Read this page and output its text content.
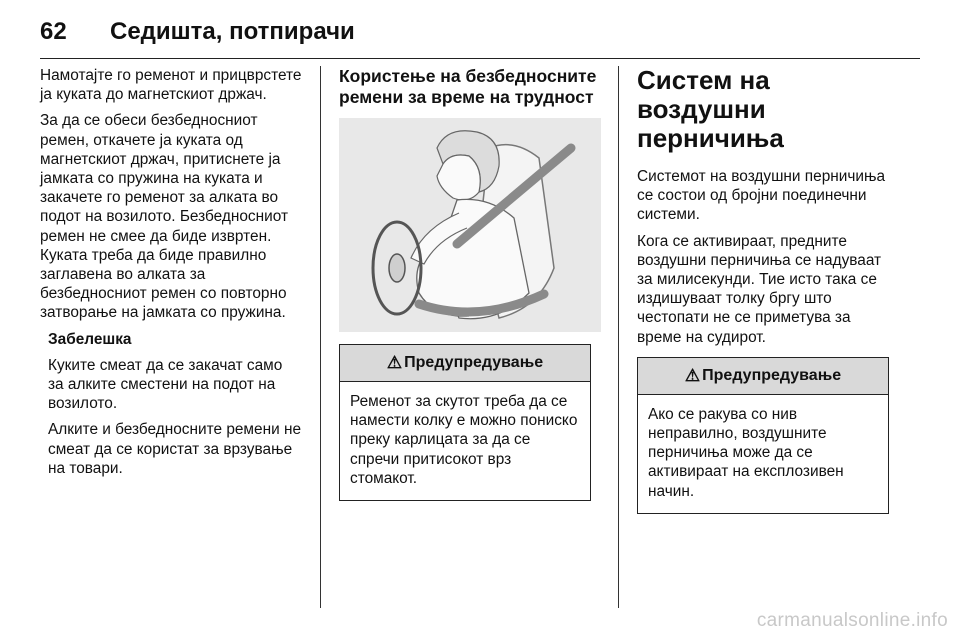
62	Седишта, потпирачи

Намотајте го ременот и прицврстете ја куката до магнетскиот држач.

За да се обеси безбедносниот ремен, откачете ја куката од магнетскиот држач, притиснете ја јамката со пружина на куката и закачете го ременот за алката во подот на возилото. Безбедносниот ремен не смее да биде извртен. Куката треба да биде правилно заглавена во алката за безбедносниот ремен со повторно затворање на јамката со пружина.

Забелешка

Куките смеат да се закачат само за алките сместени на подот на возилото.

Алките и безбедносните ремени не смеат да се користат за врзување на товари.

Користење на безбедносните ремени за време на трудност
⚠ Предупредување
Ременот за скутот треба да се намести колку е можно пониско преку карлицата за да се спречи притисокот врз стомакот.
Систем на воздушни перничиња

Системот на воздушни перничиња се состои од бројни поединечни системи.

Кога се активираат, предните воздушни перничиња се надуваат за милисекунди. Тие исто така се издишуваат толку бргу што честопати не се приметува за време на судирот.

⚠ Предупредување
Ако се ракува со нив неправилно, воздушните перничиња може да се активираат на експлозивен начин.
carmanualsonline.info
